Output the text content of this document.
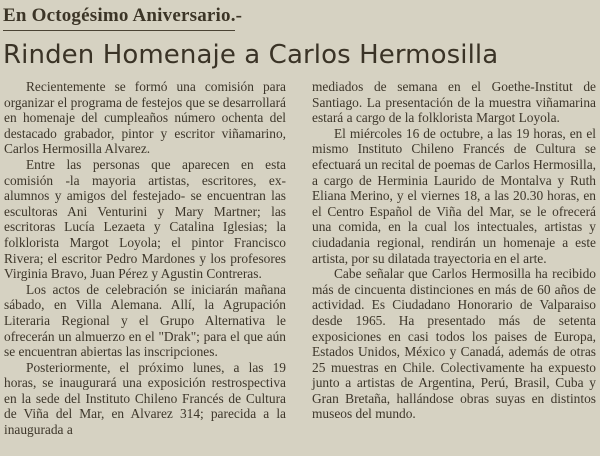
En Octogésimo Aniversario.-
Rinden Homenaje a Carlos Hermosilla

Recientemente se formó una comisión para organizar el programa de festejos que se desarrollará en homenaje del cumpleaños número ochenta del destacado grabador, pintor y escritor viñamarino, Carlos Hermosilla Alvarez.

Entre las personas que aparecen en esta comisión -la mayoria artistas, escritores, ex-alumnos y amigos del festejado- se encuentran las escultoras Ani Venturini y Mary Martner; las escritoras Lucía Lezaeta y Catalina Iglesias; la folklorista Margot Loyola; el pintor Francisco Rivera; el escritor Pedro Mardones y los profesores Virginia Bravo, Juan Pérez y Agustin Contreras.

Los actos de celebración se iniciarán mañana sábado, en Villa Alemana. Allí, la Agrupación Literaria Regional y el Grupo Alternativa le ofrecerán un almuerzo en el "Drak"; para el que aún se encuentran abiertas las inscripciones.

Posteriormente, el próximo lunes, a las 19 horas, se inaugurará una exposición restrospectiva en la sede del Instituto Chileno Francés de Cultura de Viña del Mar, en Alvarez 314; parecida a la inaugurada a

mediados de semana en el Goethe-Institut de Santiago. La presentación de la muestra viñamarina estará a cargo de la folklorista Margot Loyola.

El miércoles 16 de octubre, a las 19 horas, en el mismo Instituto Chileno Francés de Cultura se efectuará un recital de poemas de Carlos Hermosilla, a cargo de Herminia Laurido de Montalva y Ruth Eliana Merino, y el viernes 18, a las 20.30 horas, en el Centro Español de Viña del Mar, se le ofrecerá una comida, en la cual los intectuales, artistas y ciudadania regional, rendirán un homenaje a este artista, por su dilatada trayectoria en el arte.

Cabe señalar que Carlos Hermosilla ha recibido más de cincuenta distinciones en más de 60 años de actividad. Es Ciudadano Honorario de Valparaiso desde 1965. Ha presentado más de setenta exposiciones en casi todos los paises de Europa, Estados Unidos, México y Canadá, además de otras 25 muestras en Chile. Colectivamente ha expuesto junto a artistas de Argentina, Perú, Brasil, Cuba y Gran Bretaña, hallándose obras suyas en distintos museos del mundo.
